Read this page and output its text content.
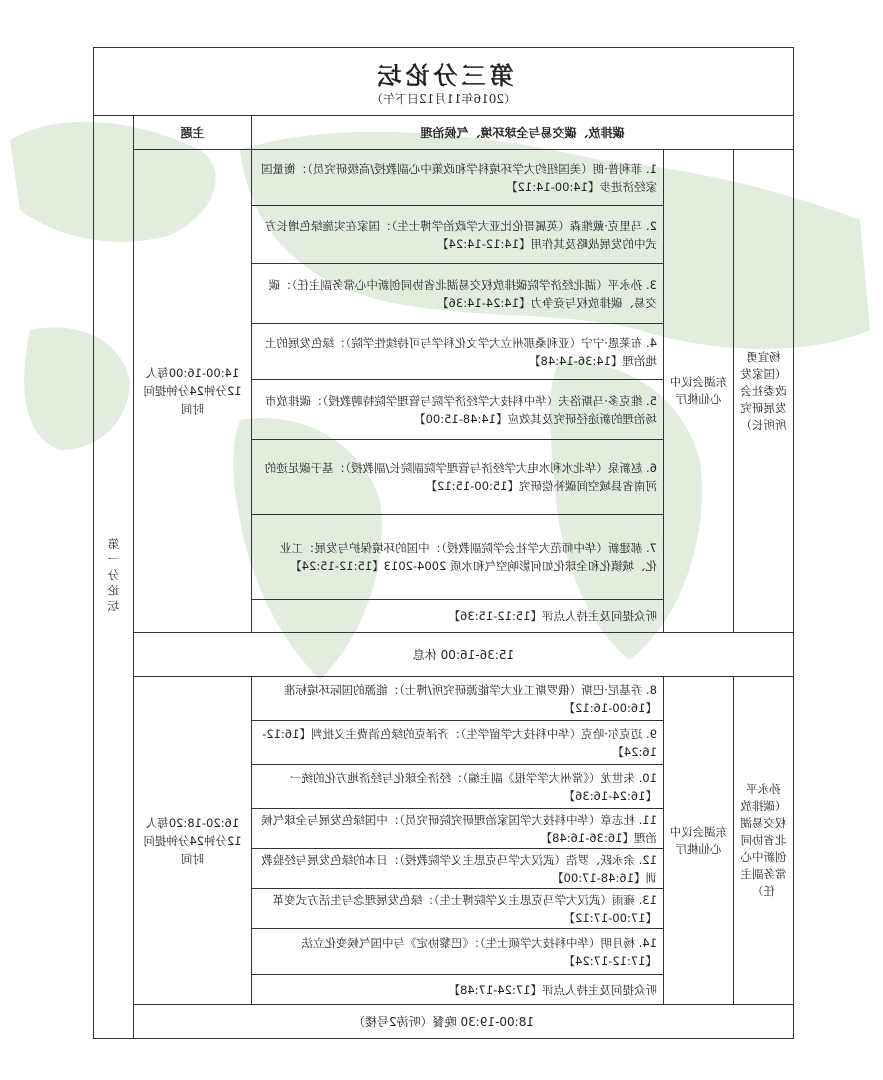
第三分论坛
（2016年11月12日下午）				

碳排放、碳交易与全球环境、气候治理			主题	第一分论坛

杨宜勇（国家发改委社会发展研究所所长）	东湖会议中心仙桃厅	1. 菲利普·朗（美国纽约大学环境科学和政策中心副教授/高级研究员）：衡量国家经济进步【14:00-14:12】	14:00-16:00每人12分钟24分钟提问时间	
		2. 马里克·戴维森（英属哥伦比亚大学政治学博士生）：国家在实施绿色增长方式中的发展战略及其作用【14:12-14:24】		
		3. 孙永平（湖北经济学院碳排放权交易湖北省协同创新中心常务副主任）：碳交易、碳排放权与竞争力【14:24-14:36】		
		4. 布莱恩·宁宁（亚利桑那州立大学文化科学与可持续性学院）：绿色发展的土地治理【14:36-14:48】		
		5. 维克多·马斯洛夫（华中科技大学经济学院与管理学院特聘教授）：碳排放市场治理的新途径研究及其效应【14:48-15:00】		
		6. 赵新泉（华北水利水电大学经济与管理学院副院长/副教授）：基于碳足迹的河南省县域空间碳补偿研究【15:00-15:12】		
		7. 郝建新（华中师范大学社会学院副教授）：中国的环境保护与发展：工业化、城镇化和全球化如何影响空气和水质 2004-2013【15:12-15:24】		
		听众提问及主持人点评【15:12-15:36】		
15:36-16:00 休息				
孙永平（碳排放权交易湖北省协同创新中心常务副主任）	东湖会议中心仙桃厅	8. 乔基尼·巴斯（俄罗斯工业大学能源研究所/博士）：能源的国际环境标准【16:00-16:12】	16:20-18:20每人12分钟24分钟提问时间	
		9. 迈克尔·哈克（华中科技大学留学生）：齐泽克的绿色消费主义批判【16:12-16:24】		
		10. 朱世龙（《常州大学学报》副主编）：经济全球化与经济地方化的统一【16:24-16:36】		
		11. 杜志章（华中科技大学国家治理研究院研究员）：中国绿色发展与全球气候治理【16:36-16:48】		
		12. 余永跃、罗浩（武汉大学马克思主义学院教授）：日本的绿色发展与经验教训【16:48-17:00】		
		13. 雍雨（武汉大学马克思主义学院博士生）：绿色发展理念与生活方式变革【17:00-17:12】		
		14. 杨月明（华中科技大学硕士生）：《巴黎协定》与中国气候变化立法【17:12-17:24】		
		听众提问及主持人点评【17:24-17:48】		
18:00-19:30 晚餐（听涛2号楼）				
